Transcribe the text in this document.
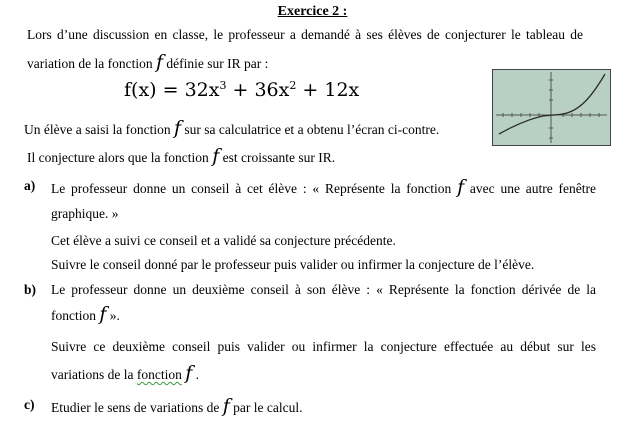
Exercice 2 :
Lors d’une discussion en classe, le professeur a demandé à ses élèves de conjecturer le tableau de
variation de la fonction f définie sur IR par :
$f(x) = 32x^3 + 36x^2 + 12x$
Un élève a saisi la fonction f sur sa calculatrice et a obtenu l’écran ci-contre.
Il conjecture alors que la fonction f est croissante sur IR.
a) Le professeur donne un conseil à cet élève : « Représente la fonction f avec une autre fenêtre
graphique. »
Cet élève a suivi ce conseil et a validé sa conjecture précédente.
Suivre le conseil donné par le professeur puis valider ou infirmer la conjecture de l’élève.
b) Le professeur donne un deuxième conseil à son élève : « Représente la fonction dérivée de la
fonction f ».
Suivre ce deuxième conseil puis valider ou infirmer la conjecture effectuée au début sur les
variations de la fonction f .
c) Etudier le sens de variations de f par le calcul.
